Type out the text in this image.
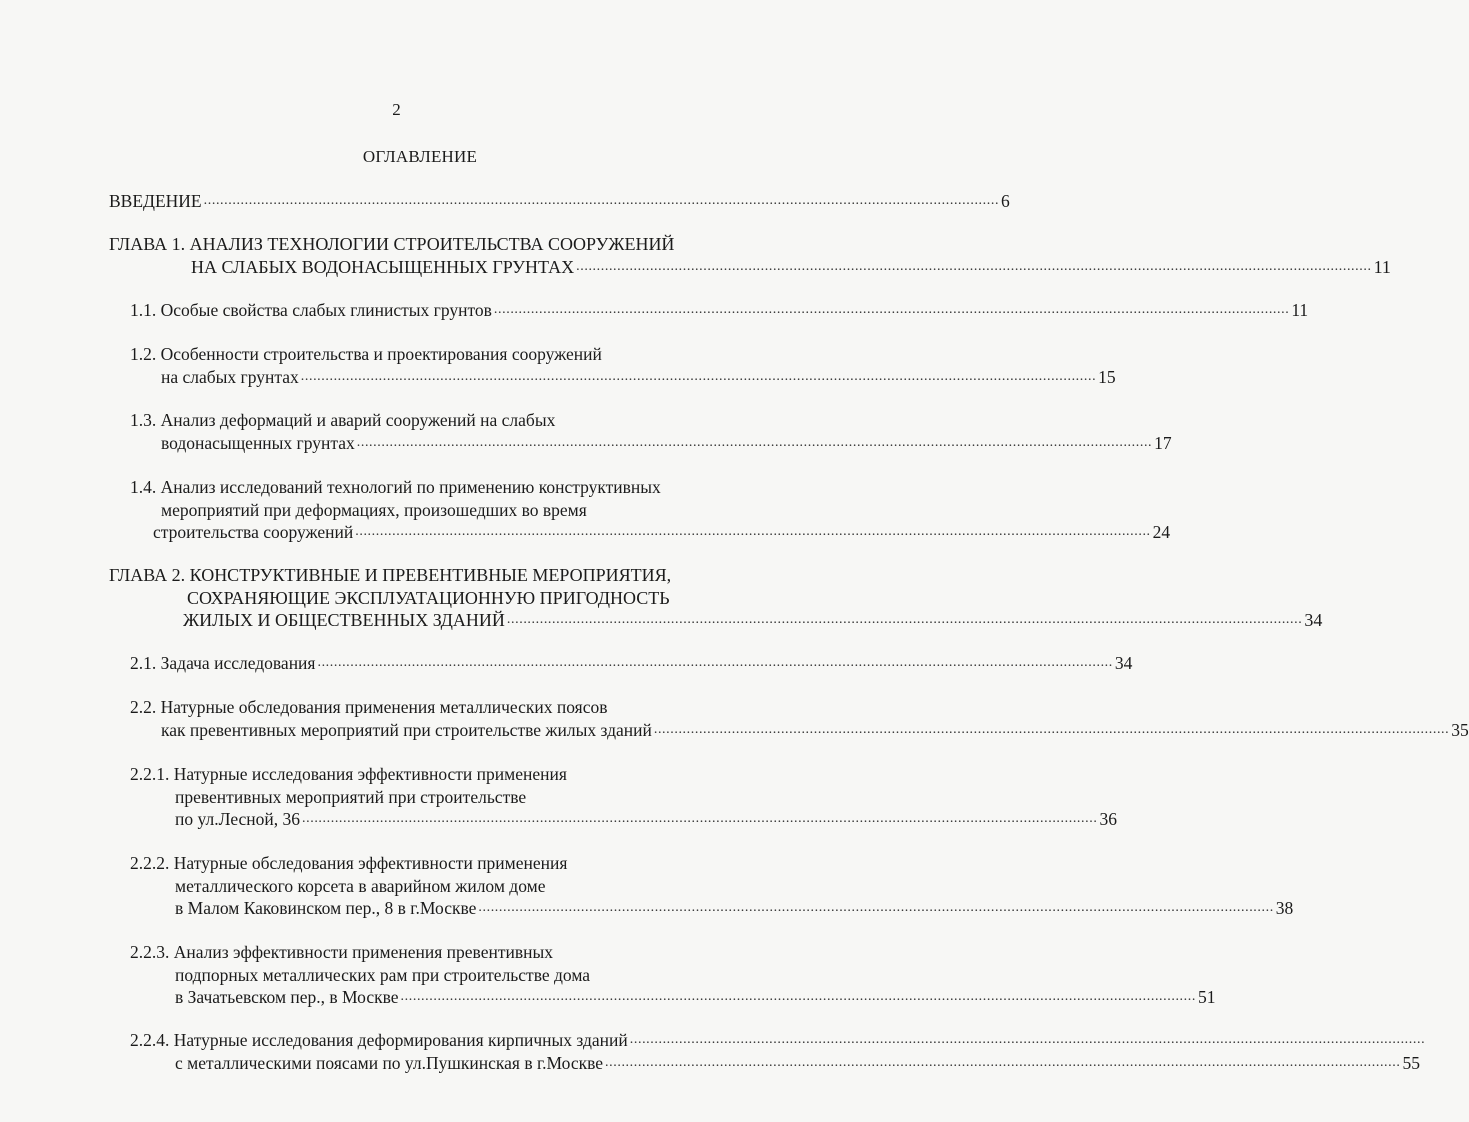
2
ОГЛАВЛЕНИЕ
ВВЕДЕНИЕ .................................................................................................................................................................................................. 6
ГЛАВА 1. АНАЛИЗ ТЕХНОЛОГИИ СТРОИТЕЛЬСТВА СООРУЖЕНИЙ
НА СЛАБЫХ ВОДОНАСЫЩЕННЫХ ГРУНТАХ .................................................................................................................................................................................................. 11
1.1. Особые свойства слабых глинистых грунтов .................................................................................................................................................................................................. 11
1.2. Особенности строительства и проектирования сооружений
на слабых грунтах .................................................................................................................................................................................................. 15
1.3. Анализ деформаций и аварий сооружений на слабых
водонасыщенных грунтах .................................................................................................................................................................................................. 17
1.4. Анализ исследований технологий по применению конструктивных
мероприятий при деформациях, произошедших во время
строительства сооружений .................................................................................................................................................................................................. 24
ГЛАВА 2. КОНСТРУКТИВНЫЕ И ПРЕВЕНТИВНЫЕ МЕРОПРИЯТИЯ,
СОХРАНЯЮЩИЕ ЭКСПЛУАТАЦИОННУЮ ПРИГОДНОСТЬ
ЖИЛЫХ И ОБЩЕСТВЕННЫХ ЗДАНИЙ .................................................................................................................................................................................................. 34
2.1. Задача исследования .................................................................................................................................................................................................. 34
2.2. Натурные обследования применения металлических поясов
как превентивных мероприятий при строительстве жилых зданий .................................................................................................................................................................................................. 35
2.2.1. Натурные исследования эффективности применения
превентивных мероприятий при строительстве
по ул.Лесной, 36 .................................................................................................................................................................................................. 36
2.2.2. Натурные обследования эффективности применения
металлического корсета в аварийном жилом доме
в Малом Каковинском пер., 8 в г.Москве .................................................................................................................................................................................................. 38
2.2.3. Анализ эффективности применения превентивных
подпорных металлических рам при строительстве дома
в Зачатьевском пер., в Москве .................................................................................................................................................................................................. 51
2.2.4. Натурные исследования деформирования кирпичных зданий ..................................................................................................................................................................................................
с металлическими поясами по ул.Пушкинская в г.Москве .................................................................................................................................................................................................. 55
